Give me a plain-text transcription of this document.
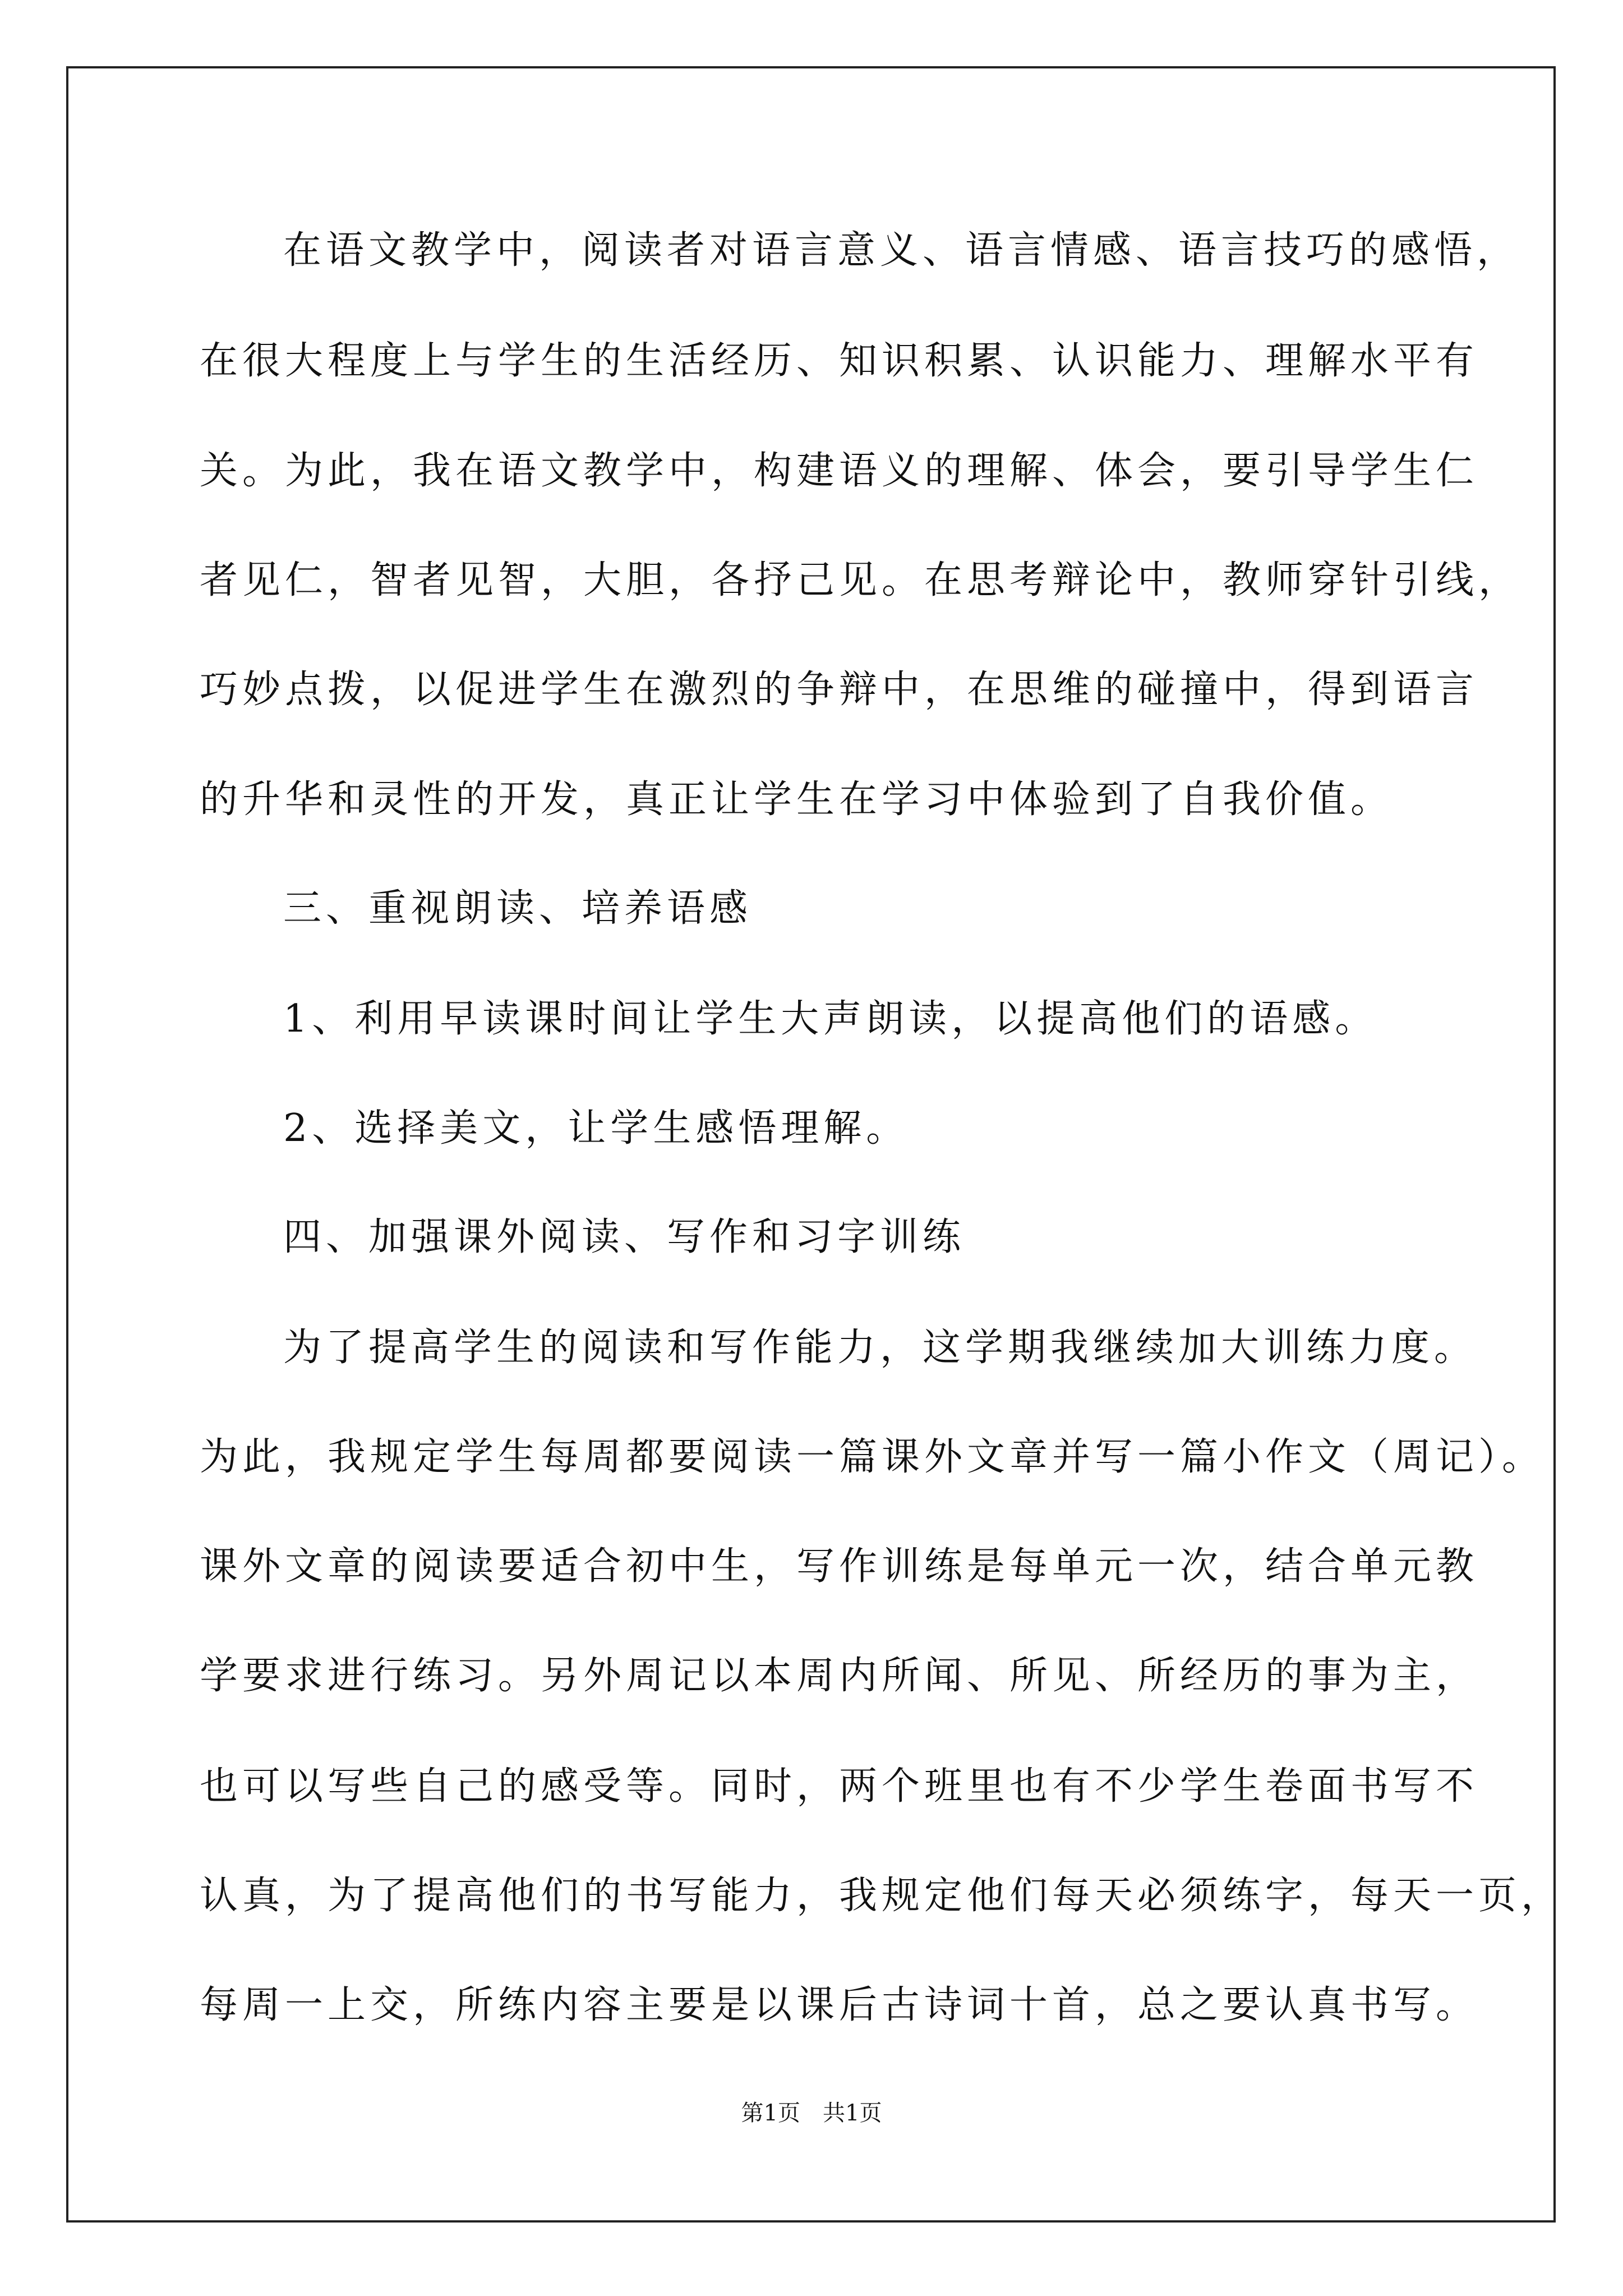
在语文教学中，阅读者对语言意义、语言情感、语言技巧的感悟，
在很大程度上与学生的生活经历、知识积累、认识能力、理解水平有
关。为此，我在语文教学中，构建语义的理解、体会，要引导学生仁
者见仁，智者见智，大胆，各抒己见。在思考辩论中，教师穿针引线，
巧妙点拨，以促进学生在激烈的争辩中，在思维的碰撞中，得到语言
的升华和灵性的开发，真正让学生在学习中体验到了自我价值。
三、重视朗读、培养语感
1、利用早读课时间让学生大声朗读，以提高他们的语感。
2、选择美文，让学生感悟理解。
四、加强课外阅读、写作和习字训练
为了提高学生的阅读和写作能力，这学期我继续加大训练力度。
为此，我规定学生每周都要阅读一篇课外文章并写一篇小作文（周记）。
课外文章的阅读要适合初中生，写作训练是每单元一次，结合单元教
学要求进行练习。另外周记以本周内所闻、所见、所经历的事为主，
也可以写些自己的感受等。同时，两个班里也有不少学生卷面书写不
认真，为了提高他们的书写能力，我规定他们每天必须练字，每天一页，
每周一上交，所练内容主要是以课后古诗词十首，总之要认真书写。
第1页 共1页
